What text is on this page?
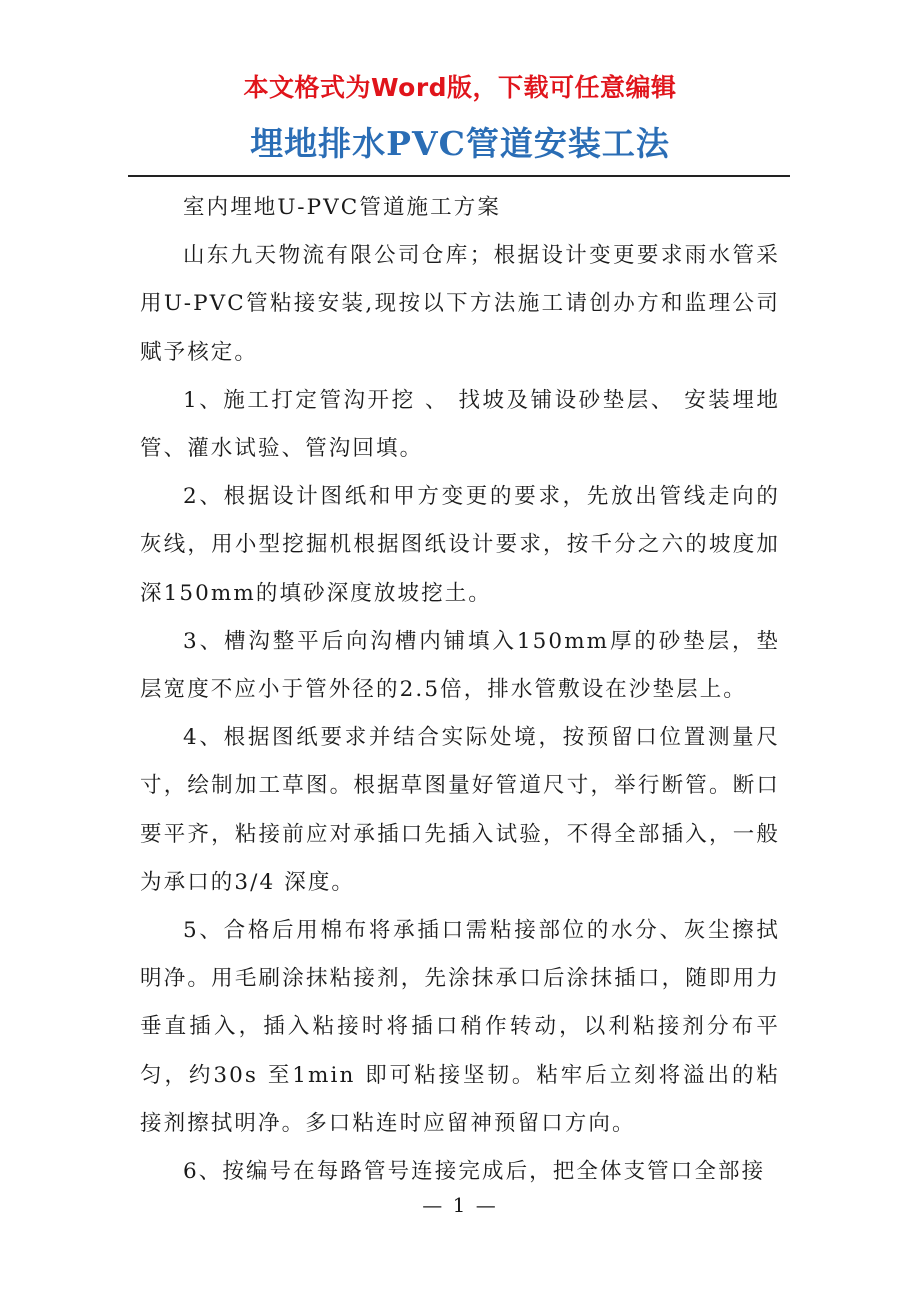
本文格式为Word版，下载可任意编辑
埋地排水PVC管道安装工法

室内埋地U-PVC管道施工方案

山东九天物流有限公司仓库；根据设计变更要求雨水管采用U-PVC管粘接安装,现按以下方法施工请创办方和监理公司赋予核定。

1、施工打定管沟开挖 、 找坡及铺设砂垫层、 安装埋地管、灌水试验、管沟回填。

2、根据设计图纸和甲方变更的要求，先放出管线走向的灰线，用小型挖掘机根据图纸设计要求，按千分之六的坡度加深150mm的填砂深度放坡挖土。

3、槽沟整平后向沟槽内铺填入150mm厚的砂垫层，垫层宽度不应小于管外径的2.5倍，排水管敷设在沙垫层上。

4、根据图纸要求并结合实际处境，按预留口位置测量尺寸，绘制加工草图。根据草图量好管道尺寸，举行断管。断口要平齐，粘接前应对承插口先插入试验，不得全部插入，一般为承口的3/4 深度。

5、合格后用棉布将承插口需粘接部位的水分、灰尘擦拭明净。用毛刷涂抹粘接剂，先涂抹承口后涂抹插口，随即用力垂直插入，插入粘接时将插口稍作转动，以利粘接剂分布平匀，约30s 至1min 即可粘接坚韧。粘牢后立刻将溢出的粘接剂擦拭明净。多口粘连时应留神预留口方向。

6、按编号在每路管号连接完成后，把全体支管口全部接

— 1 —
